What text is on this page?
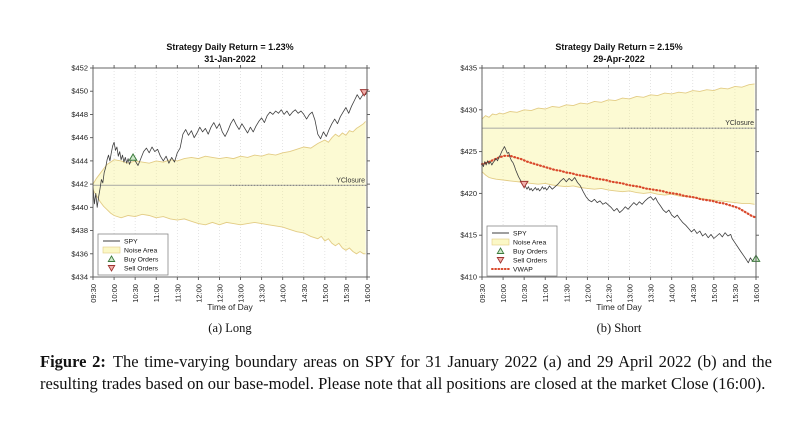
YClosure
09:30 10:00 10:30 11:00 11:30 12:00 12:30 13:00 13:30 14:00 14:30 15:00 15:30 16:00
$434
$436
$438
$440
$442
$444
$446
$448
$450
$452
SPY
Noise Area
Buy Orders
Sell Orders
YClosure
09:30 10:00 10:30 11:00 11:30 12:00 12:30 13:00 13:30 14:00 14:30 15:00 15:30 16:00
$410
$415
$420
$425
$430
$435
SPY
Noise Area
Buy Orders
Sell Orders
VWAP
Strategy Daily Return = 1.23%
31-Jan-2022
Strategy Daily Return = 2.15%
29-Apr-2022
Time of Day	Time of Day
(a) Long	(b) Short
Figure 2: The time-varying boundary areas on SPY for 31 January 2022 (a) and 29 April 2022 (b) and the resulting trades based on our base-model. Please note that all positions are closed at the market Close (16:00).
